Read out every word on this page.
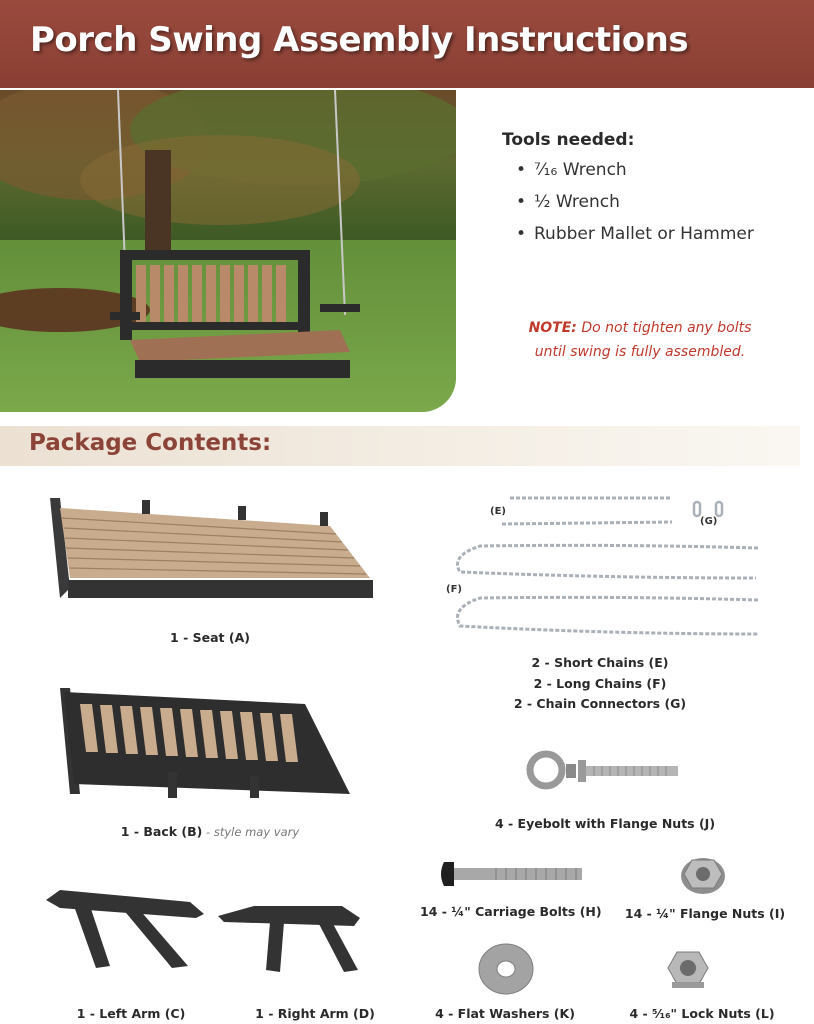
Porch Swing Assembly Instructions
Tools needed:
• ⁷⁄₁₆ Wrench
• ½ Wrench
• Rubber Mallet or Hammer
NOTE: Do not tighten any bolts
until swing is fully assembled.
Package Contents:
1 - Seat (A)
1 - Back (B) - style may vary
1 - Left Arm (C)	1 - Right Arm (D)
(E)
(G)
(F)
2 - Short Chains (E)
2 - Long Chains (F)
2 - Chain Connectors (G)
4 - Eyebolt with Flange Nuts (J)
14 - ¼" Carriage Bolts (H)	14 - ¼" Flange Nuts (I)
4 - Flat Washers (K)	4 - ⁵⁄₁₆" Lock Nuts (L)
